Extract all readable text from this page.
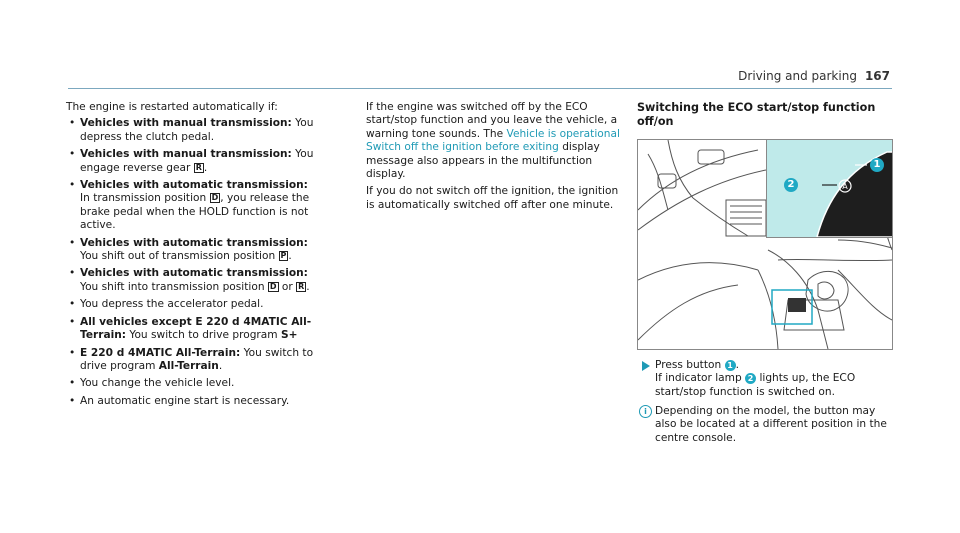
Driving and parking 167

The engine is restarted automatically if:

• Vehicles with manual transmission: You depress the clutch pedal.
• Vehicles with manual transmission: You engage reverse gear R .
• Vehicles with automatic transmission: In transmission position D , you release the brake pedal when the HOLD function is not active.
• Vehicles with automatic transmission: You shift out of transmission position P .
• Vehicles with automatic transmission: You shift into transmission position D or R .
• You depress the accelerator pedal.
• All vehicles except E 220 d 4MATIC All-Terrain: You switch to drive program S+
• E 220 d 4MATIC All-Terrain: You switch to drive program All-Terrain.
• You change the vehicle level.
• An automatic engine start is necessary.

If the engine was switched off by the ECO start/stop function and you leave the vehicle, a warning tone sounds. The Vehicle is operational Switch off the ignition before exiting display message also appears in the multifunction display.

If you do not switch off the ignition, the ignition is automatically switched off after one minute.

Switching the ECO start/stop function off/on
A
1
2
Press button 1 .
If indicator lamp 2 lights up, the ECO start/stop function is switched on.
i Depending on the model, the button may also be located at a different position in the centre console.
